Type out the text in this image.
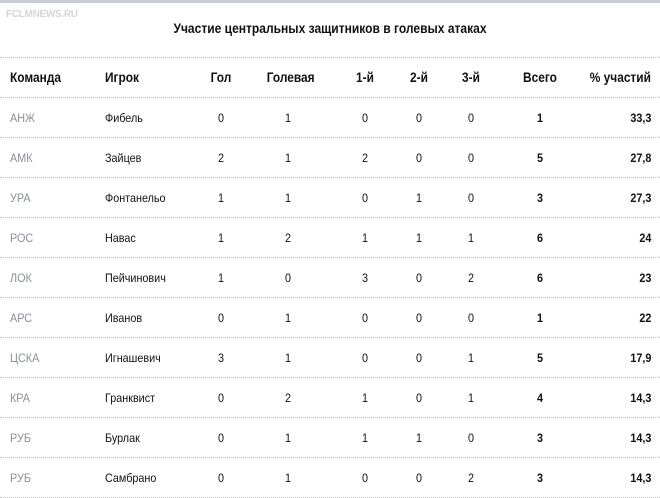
FCLMNEWS.RU
Участие центральных защитников в голевых атаках
Команда	Игрок	Гол	Голевая	1-й	2-й	3-й	Всего	% участий
АНЖ	Фибель	0	1	0	0	0	1	33,3
АМК	Зайцев	2	1	2	0	0	5	27,8
УРА	Фонтанельо	1	1	0	1	0	3	27,3
РОС	Навас	1	2	1	1	1	6	24
ЛОК	Пейчинович	1	0	3	0	2	6	23
АРС	Иванов	0	1	0	0	0	1	22
ЦСКА	Игнашевич	3	1	0	0	1	5	17,9
КРА	Гранквист	0	2	1	0	1	4	14,3
РУБ	Бурлак	0	1	1	1	0	3	14,3
РУБ	Самбрано	0	1	0	0	2	3	14,3
